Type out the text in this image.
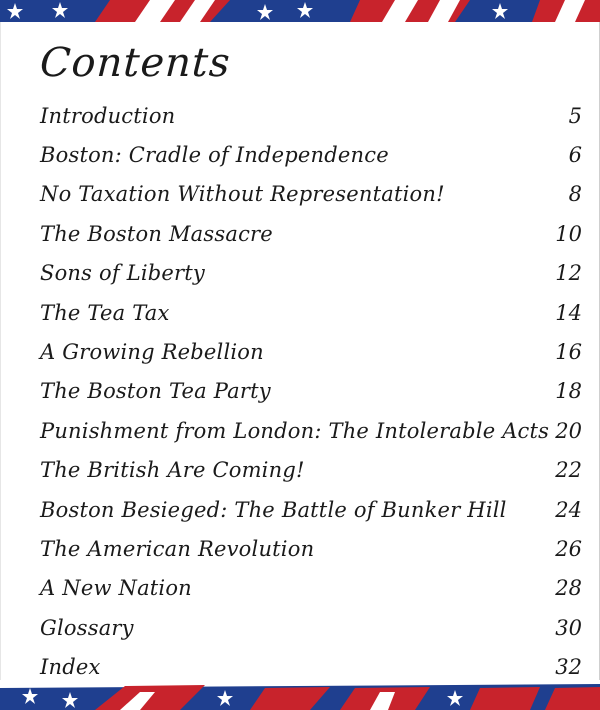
Contents
Introduction	5
Boston: Cradle of Independence	6
No Taxation Without Representation!	8
The Boston Massacre	10
Sons of Liberty	12
The Tea Tax	14
A Growing Rebellion	16
The Boston Tea Party	18
Punishment from London: The Intolerable Acts 20
The British Are Coming!	22
Boston Besieged: The Battle of Bunker Hill 24
The American Revolution	26
A New Nation	28
Glossary	30
Index	32
